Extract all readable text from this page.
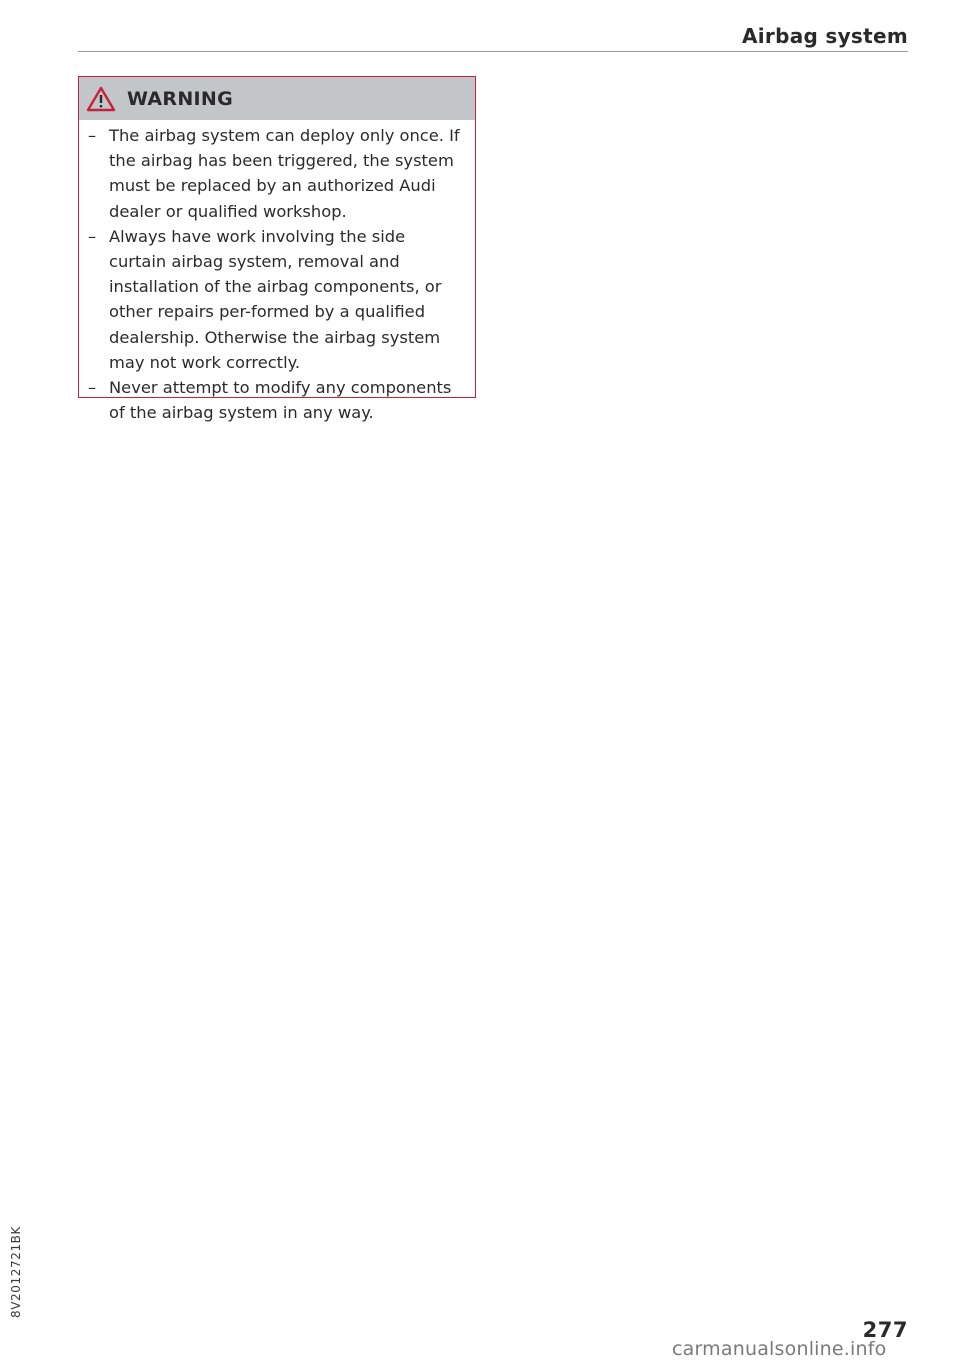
Airbag system
WARNING
– The airbag system can deploy only once. If the airbag has been triggered, the system must be replaced by an authorized Audi dealer or qualified workshop.
– Always have work involving the side curtain airbag system, removal and installation of the airbag components, or other repairs per-formed by a qualified dealership. Otherwise the airbag system may not work correctly.
– Never attempt to modify any components of the airbag system in any way.
8V2012721BK
277
carmanualsonline.info
